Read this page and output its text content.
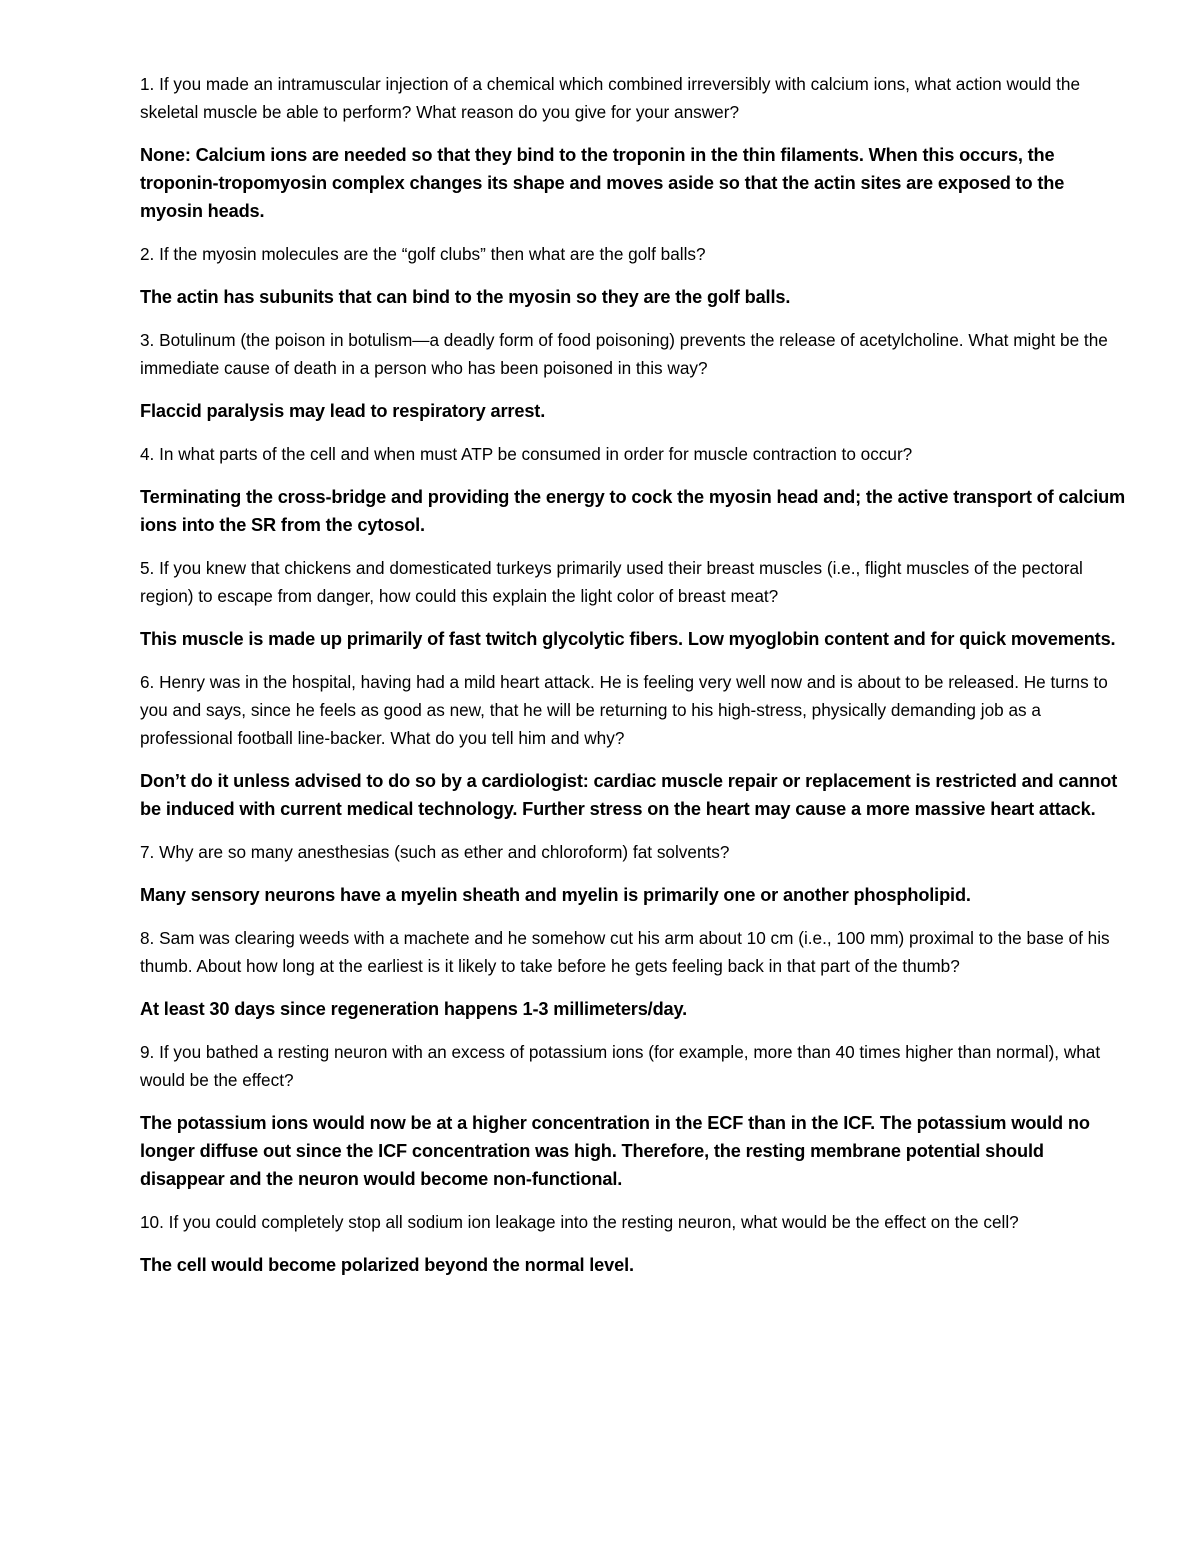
1. If you made an intramuscular injection of a chemical which combined irreversibly with calcium ions, what action would the skeletal muscle be able to perform? What reason do you give for your answer?

None: Calcium ions are needed so that they bind to the troponin in the thin filaments. When this occurs, the troponin-tropomyosin complex changes its shape and moves aside so that the actin sites are exposed to the myosin heads.

2. If the myosin molecules are the “golf clubs” then what are the golf balls?

The actin has subunits that can bind to the myosin so they are the golf balls.

3. Botulinum (the poison in botulism—a deadly form of food poisoning) prevents the release of acetylcholine. What might be the immediate cause of death in a person who has been poisoned in this way?

Flaccid paralysis may lead to respiratory arrest.

4. In what parts of the cell and when must ATP be consumed in order for muscle contraction to occur?

Terminating the cross-bridge and providing the energy to cock the myosin head and; the active transport of calcium ions into the SR from the cytosol.

5. If you knew that chickens and domesticated turkeys primarily used their breast muscles (i.e., flight muscles of the pectoral region) to escape from danger, how could this explain the light color of breast meat?

This muscle is made up primarily of fast twitch glycolytic fibers. Low myoglobin content and for quick movements.

6. Henry was in the hospital, having had a mild heart attack. He is feeling very well now and is about to be released. He turns to you and says, since he feels as good as new, that he will be returning to his high-stress, physically demanding job as a professional football line-backer. What do you tell him and why?

Don’t do it unless advised to do so by a cardiologist: cardiac muscle repair or replacement is restricted and cannot be induced with current medical technology. Further stress on the heart may cause a more massive heart attack.

7. Why are so many anesthesias (such as ether and chloroform) fat solvents?

Many sensory neurons have a myelin sheath and myelin is primarily one or another phospholipid.

8. Sam was clearing weeds with a machete and he somehow cut his arm about 10 cm (i.e., 100 mm) proximal to the base of his thumb. About how long at the earliest is it likely to take before he gets feeling back in that part of the thumb?

At least 30 days since regeneration happens 1-3 millimeters/day.

9. If you bathed a resting neuron with an excess of potassium ions (for example, more than 40 times higher than normal), what would be the effect?

The potassium ions would now be at a higher concentration in the ECF than in the ICF. The potassium would no longer diffuse out since the ICF concentration was high. Therefore, the resting membrane potential should disappear and the neuron would become non-functional.

10. If you could completely stop all sodium ion leakage into the resting neuron, what would be the effect on the cell?

The cell would become polarized beyond the normal level.
